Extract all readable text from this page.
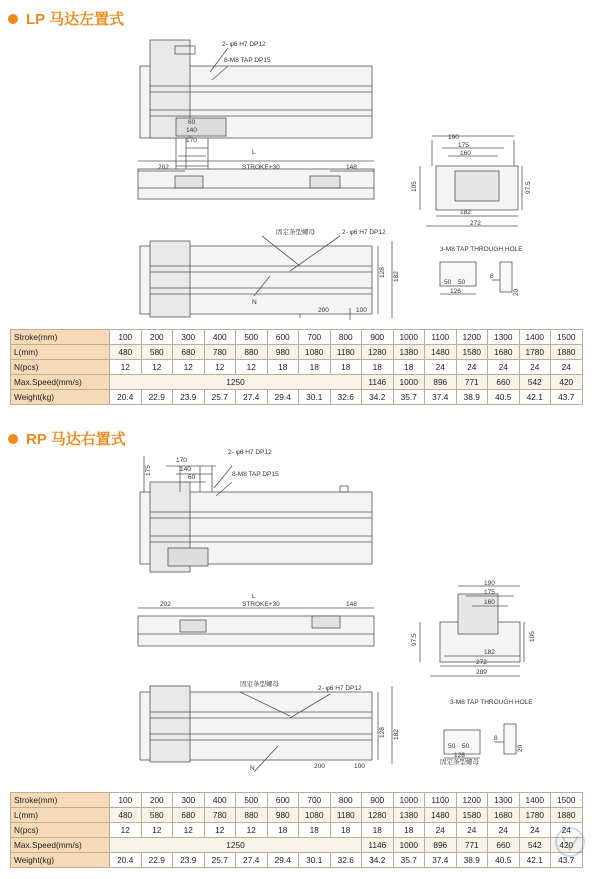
LP 马达左置式
2- φ6 H7 DP12
8-M8 TAP DP15
60
140
170
L
202	STROKE+30	148
190
175
160
105	97.5
182
272
固定条型螺母	2- φ6 H7 DP12
128 182
200	100
N
3-M8 TAP THROUGH HOLE
50 50
126
8
20
Stroke(mm)	100	200	300	400	500	600	700	800	900	1000	1100	1200	1300	1400	1500
L(mm)	480	580	680	780	880	980	1080	1180	1280	1380	1480	1580	1680	1780	1880
N(pcs)	12	12	12	12	12	18	18	18	18	18	24	24	24	24	24
Max.Speed(mm/s)	1250								1146	1000	896	771	660	542	420
Weight(kg)	20.4	22.9	23.9	25.7	27.4	29.4	30.1	32.6	34.2	35.7	37.4	38.9	40.5	42.1	43.7
RP 马达右置式
2- φ6 H7 DP12
8-M8 TAP DP15
170
140
60
175
L
202	STROKE+30	148
190
175
160
97.5	105
182
272
289
固定条型螺母
2- φ6 H7 DP12
128 182
200	100
N
3-M8 TAP THROUGH HOLE
50 50
128
8
20
固定条型螺母
Stroke(mm)	100	200	300	400	500	600	700	800	900	1000	1100	1200	1300	1400	1500
L(mm)	480	580	680	780	880	980	1080	1180	1280	1380	1480	1580	1680	1780	1880
N(pcs)	12	12	12	12	12	18	18	18	18	18	24	24	24	24	24
Max.Speed(mm/s)	1250								1146	1000	896	771	660	542	420
Weight(kg)	20.4	22.9	23.9	25.7	27.4	29.4	30.1	32.6	34.2	35.7	37.4	38.9	40.5	42.1	43.7
